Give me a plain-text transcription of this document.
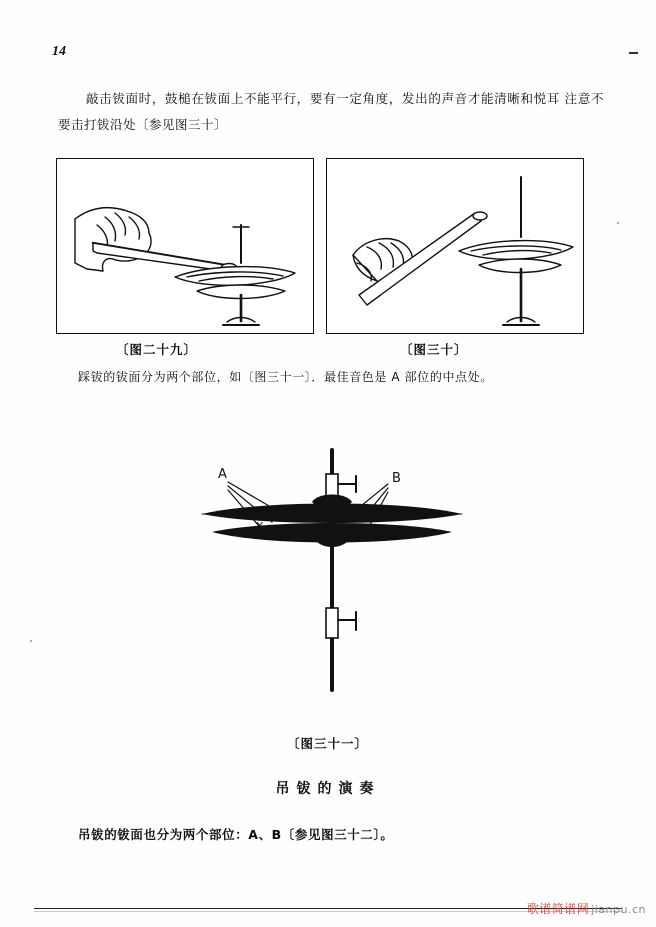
14
敲击钹面时，鼓槌在钹面上不能平行，要有一定角度，发出的声音才能清晰和悦耳 注意不要击打钹沿处〔参见图三十〕
〔图二十九〕	〔图三十〕
踩钹的钹面分为两个部位，如〔图三十一〕．最佳音色是 A 部位的中点处。
A	B
X
〔图三十一〕
吊钹的演奏
吊钹的钹面也分为两个部位：A、B〔参见图三十二〕。
歌谱简谱网 jianpu.cn
